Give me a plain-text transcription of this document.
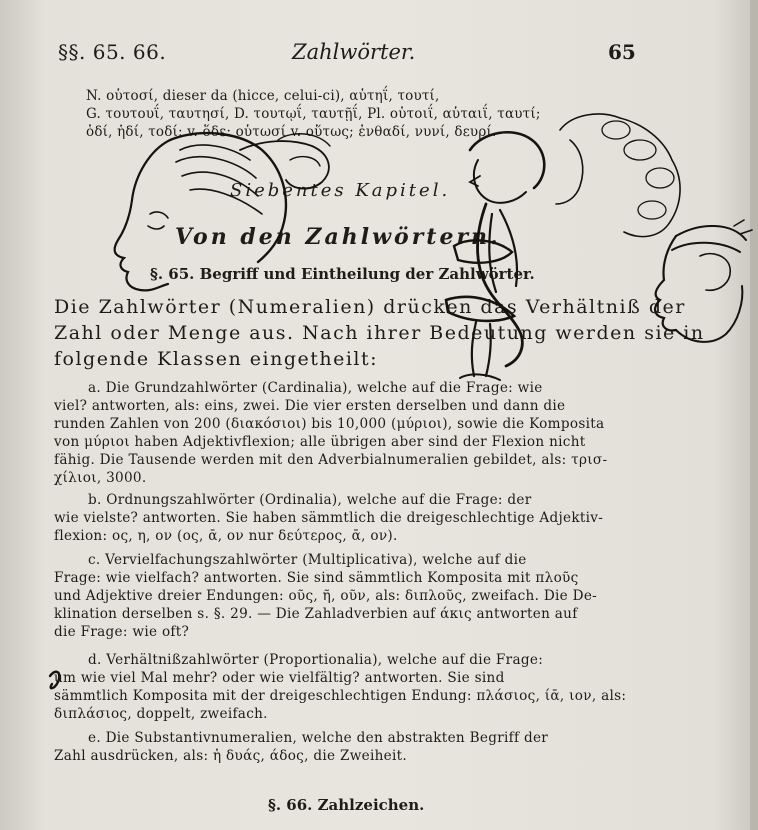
§§. 65. 66.	Zahlwörter.	65
N. οὑτοσί, dieser da (hicce, celui-ci), αὑτηΐ, τουτί,
G. τουτουΐ, ταυτησί, D. τουτῳΐ, ταυτῇΐ, Pl. οὑτοιΐ, αὑταιΐ, ταυτί;
ὁδί, ἡδί, τοδί; v. ὅδε: οὑτωσί v. οὕτως; ἐνθαδί, νυνί, δευρί.
Siebentes Kapitel.
Von den Zahlwörtern.
§. 65. Begriff und Eintheilung der Zahlwörter.
Die Zahlwörter (Numeralien) drücken das Verhältniß der
Zahl oder Menge aus. Nach ihrer Bedeutung werden sie in
folgende Klassen eingetheilt:
a. Die Grundzahlwörter (Cardinalia), welche auf die Frage: wie
viel? antworten, als: eins, zwei. Die vier ersten derselben und dann die
runden Zahlen von 200 (διακόσιοι) bis 10,000 (μύριοι), sowie die Komposita
von μύριοι haben Adjektivflexion; alle übrigen aber sind der Flexion nicht
fähig. Die Tausende werden mit den Adverbialnumeralien gebildet, als: τρισ-
χίλιοι, 3000.
b. Ordnungszahlwörter (Ordinalia), welche auf die Frage: der
wie vielste? antworten. Sie haben sämmtlich die dreigeschlechtige Adjektiv-
flexion: ος, η, ον (ος, ᾱ, ον nur δεύτερος, ᾱ, ον).
c. Vervielfachungszahlwörter (Multiplicativa), welche auf die
Frage: wie vielfach? antworten. Sie sind sämmtlich Komposita mit πλοῦς
und Adjektive dreier Endungen: οῦς, ῆ, οῦν, als: διπλοῦς, zweifach. Die De-
klination derselben s. §. 29. — Die Zahladverbien auf άκις antworten auf
die Frage: wie oft?
d. Verhältnißzahlwörter (Proportionalia), welche auf die Frage:
um wie viel Mal mehr? oder wie vielfältig? antworten. Sie sind
sämmtlich Komposita mit der dreigeschlechtigen Endung: πλάσιος, ίᾱ, ιον, als:
διπλάσιος, doppelt, zweifach.
e. Die Substantivnumeralien, welche den abstrakten Begriff der
Zahl ausdrücken, als: ἡ δυάς, άδος, die Zweiheit.
§. 66. Zahlzeichen.
